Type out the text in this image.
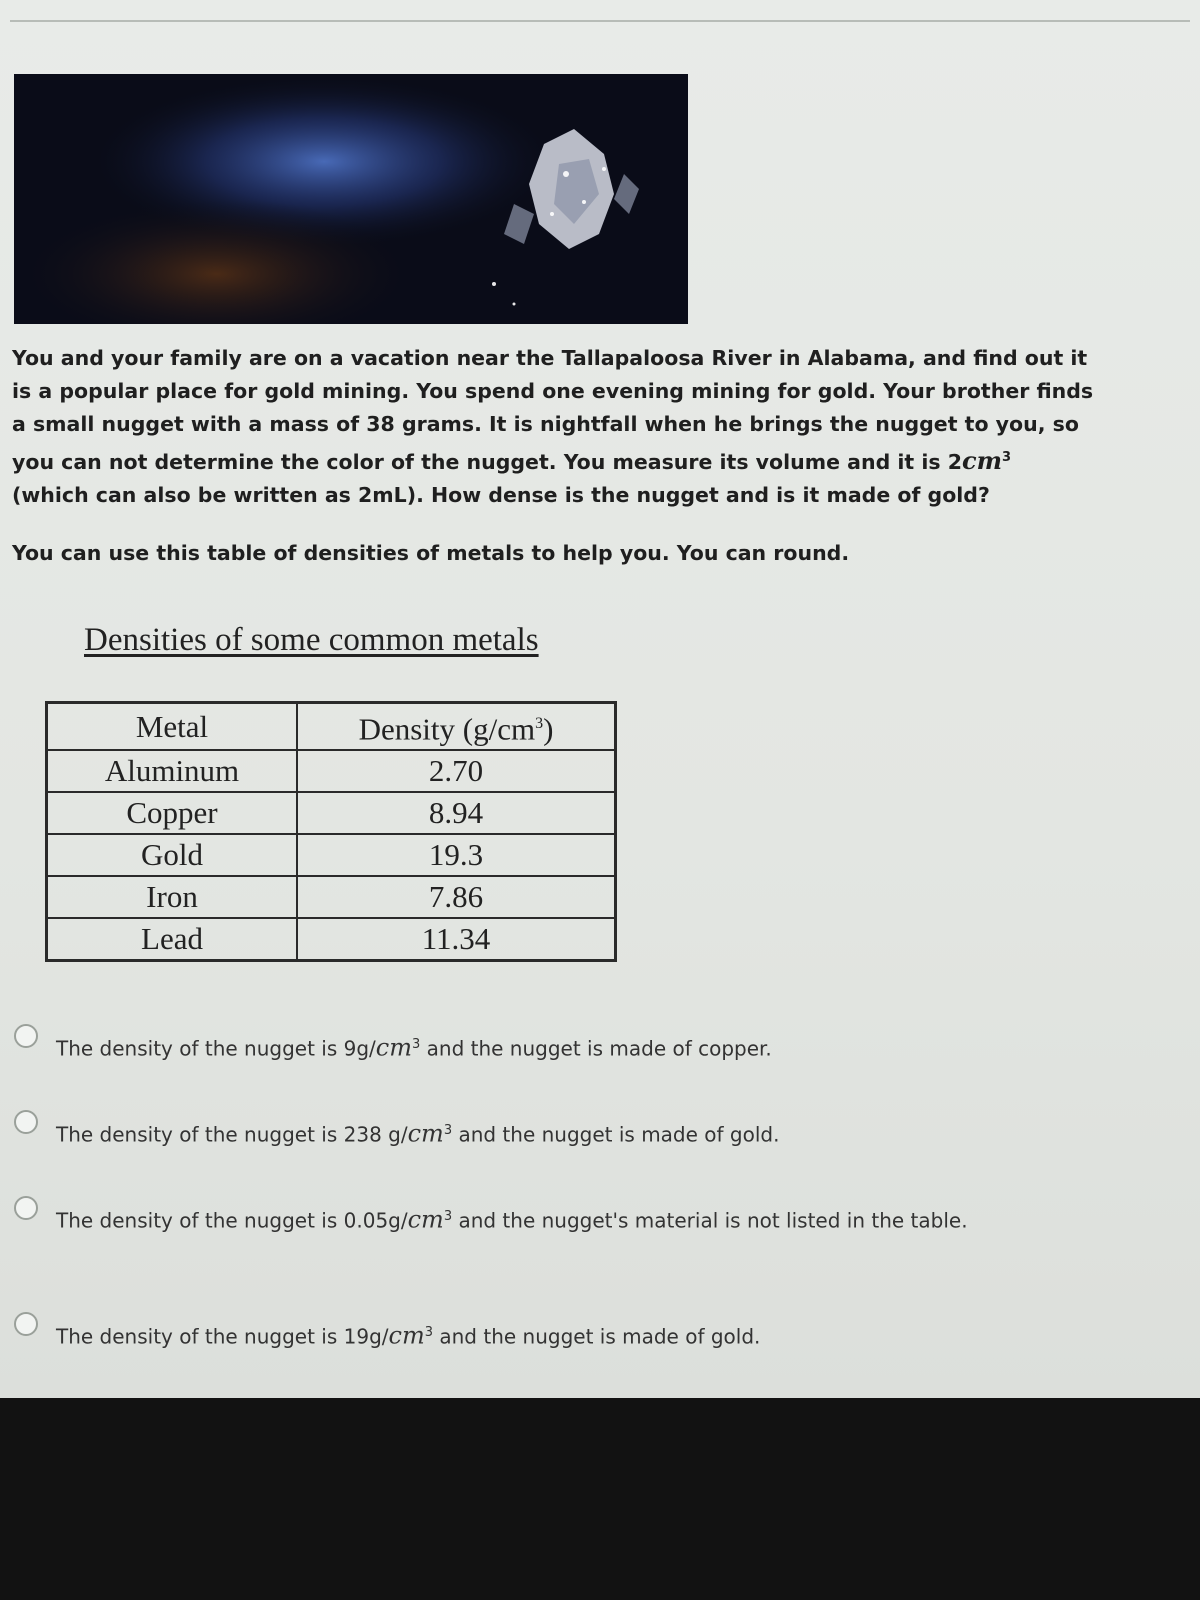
You and your family are on a vacation near the Tallapaloosa River in Alabama, and find out it
is a popular place for gold mining. You spend one evening mining for gold. Your brother finds
a small nugget with a mass of 38 grams. It is nightfall when he brings the nugget to you, so
you can not determine the color of the nugget. You measure its volume and it is $2cm^3$
(which can also be written as 2mL). How dense is the nugget and is it made of gold?
You can use this table of densities of metals to help you. You can round.
Densities of some common metals
Metal	Density $(g/cm^3)$
Aluminum	2.70
Copper	8.94
Gold	19.3
Iron	7.86
Lead	11.34
The density of the nugget is $9g/cm^3$ and the nugget is made of copper.
The density of the nugget is 238 $g/cm^3$ and the nugget is made of gold.
The density of the nugget is $0.05g/cm^3$ and the nugget's material is not listed in the table.
The density of the nugget is $19g/cm^3$ and the nugget is made of gold.
